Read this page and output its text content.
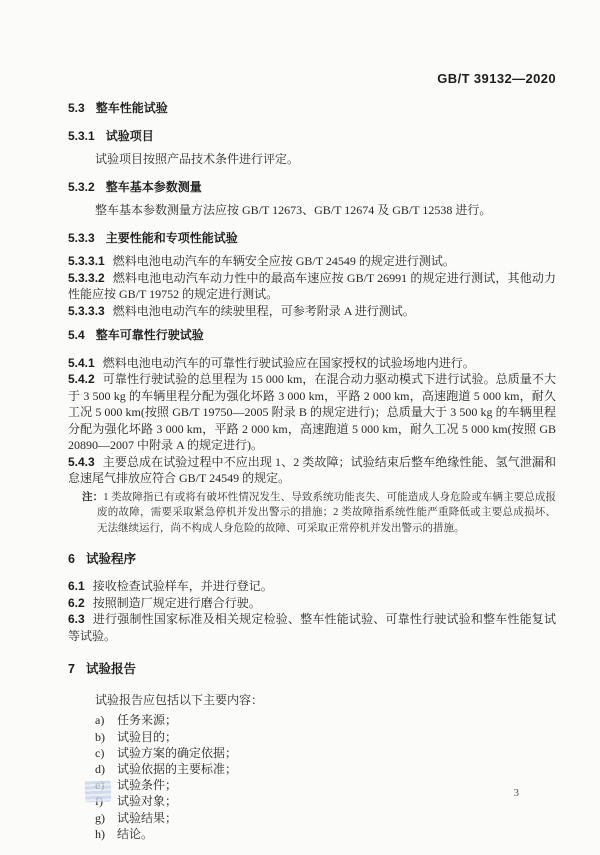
GB/T 39132—2020
5.3 整车性能试验
5.3.1 试验项目

试验项目按照产品技术条件进行评定。

5.3.2 整车基本参数测量

整车基本参数测量方法应按 GB/T 12673、GB/T 12674 及 GB/T 12538 进行。

5.3.3 主要性能和专项性能试验

5.3.3.1 燃料电池电动汽车的车辆安全应按 GB/T 24549 的规定进行测试。

5.3.3.2 燃料电池电动汽车动力性中的最高车速应按 GB/T 26991 的规定进行测试，其他动力性能应按 GB/T 19752 的规定进行测试。

5.3.3.3 燃料电池电动汽车的续驶里程，可参考附录 A 进行测试。

5.4 整车可靠性行驶试验

5.4.1 燃料电池电动汽车的可靠性行驶试验应在国家授权的试验场地内进行。

5.4.2 可靠性行驶试验的总里程为 15 000 km，在混合动力驱动模式下进行试验。总质量不大于 3 500 kg 的车辆里程分配为强化坏路 3 000 km，平路 2 000 km，高速跑道 5 000 km，耐久工况 5 000 km(按照 GB/T 19750—2005 附录 B 的规定进行)；总质量大于 3 500 kg 的车辆里程分配为强化坏路 3 000 km，平路 2 000 km，高速跑道 5 000 km，耐久工况 5 000 km(按照 GB 20890—2007 中附录 A 的规定进行)。

5.4.3 主要总成在试验过程中不应出现 1、2 类故障；试验结束后整车绝缘性能、氢气泄漏和怠速尾气排放应符合 GB/T 24549 的规定。

注：1 类故障指已有或将有破坏性情况发生、导致系统功能丧失、可能造成人身危险或车辆主要总成报废的故障，需要采取紧急停机并发出警示的措施；2 类故障指系统性能严重降低或主要总成损坏、无法继续运行，尚不构成人身危险的故障、可采取正常停机并发出警示的措施。
6 试验程序

6.1 接收检查试验样车，并进行登记。

6.2 按照制造厂规定进行磨合行驶。

6.3 进行强制性国家标准及相关规定检验、整车性能试验、可靠性行驶试验和整车性能复试等试验。

7 试验报告

试验报告应包括以下主要内容：

a) 任务来源；
b) 试验目的；
c) 试验方案的确定依据；
d) 试验依据的主要标准；
试验条件；
试验对象；
g) 试验结果；
h) 结论。
3
